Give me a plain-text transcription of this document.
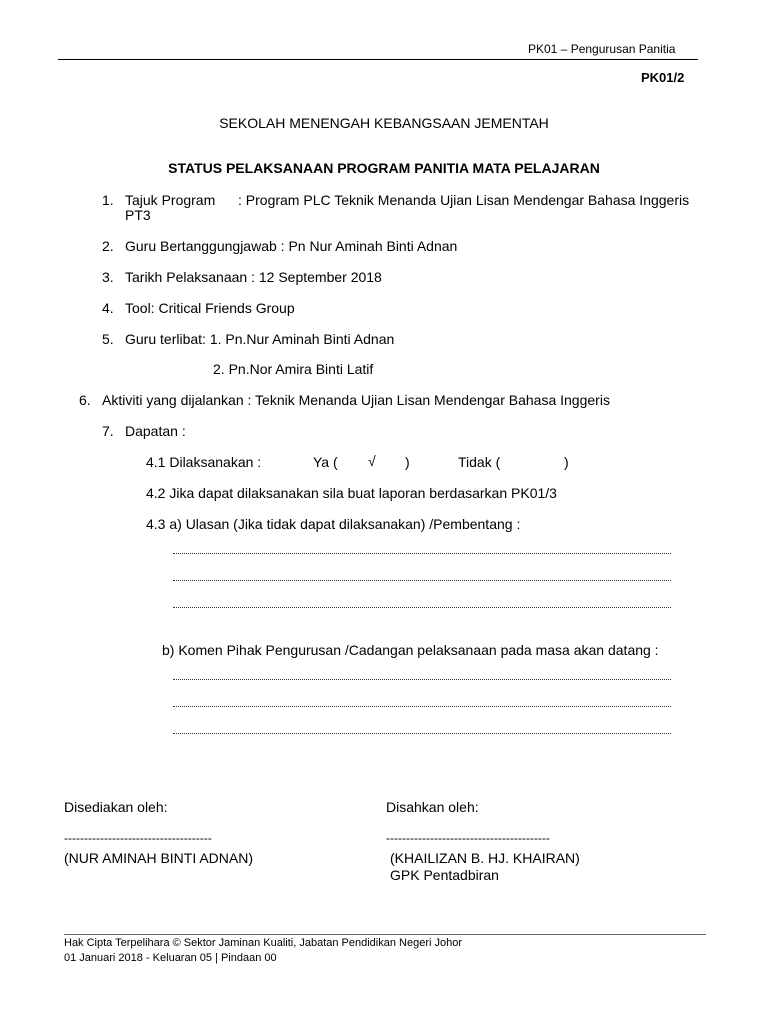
PK01 – Pengurusan Panitia
PK01/2
SEKOLAH MENENGAH KEBANGSAAN JEMENTAH
STATUS PELAKSANAAN PROGRAM PANITIA MATA PELAJARAN
1. Tajuk Program : Program PLC Teknik Menanda Ujian Lisan Mendengar Bahasa Inggeris
PT3
2. Guru Bertanggungjawab : Pn Nur Aminah Binti Adnan
3. Tarikh Pelaksanaan : 12 September 2018
4. Tool: Critical Friends Group
5. Guru terlibat: 1. Pn.Nur Aminah Binti Adnan
2. Pn.Nor Amira Binti Latif
6. Aktiviti yang dijalankan : Teknik Menanda Ujian Lisan Mendengar Bahasa Inggeris
7. Dapatan :
4.1 Dilaksanakan :	Ya ( √ )	Tidak (	)
4.2 Jika dapat dilaksanakan sila buat laporan berdasarkan PK01/3
4.3 a) Ulasan (Jika tidak dapat dilaksanakan) /Pembentang :
b) Komen Pihak Pengurusan /Cadangan pelaksanaan pada masa akan datang :
Disediakan oleh:
-------------------------------------
(NUR AMINAH BINTI ADNAN)
Disahkan oleh:
-----------------------------------------
(KHAILIZAN B. HJ. KHAIRAN)
GPK Pentadbiran
Hak Cipta Terpelihara © Sektor Jaminan Kualiti, Jabatan Pendidikan Negeri Johor
01 Januari 2018 - Keluaran 05 | Pindaan 00
